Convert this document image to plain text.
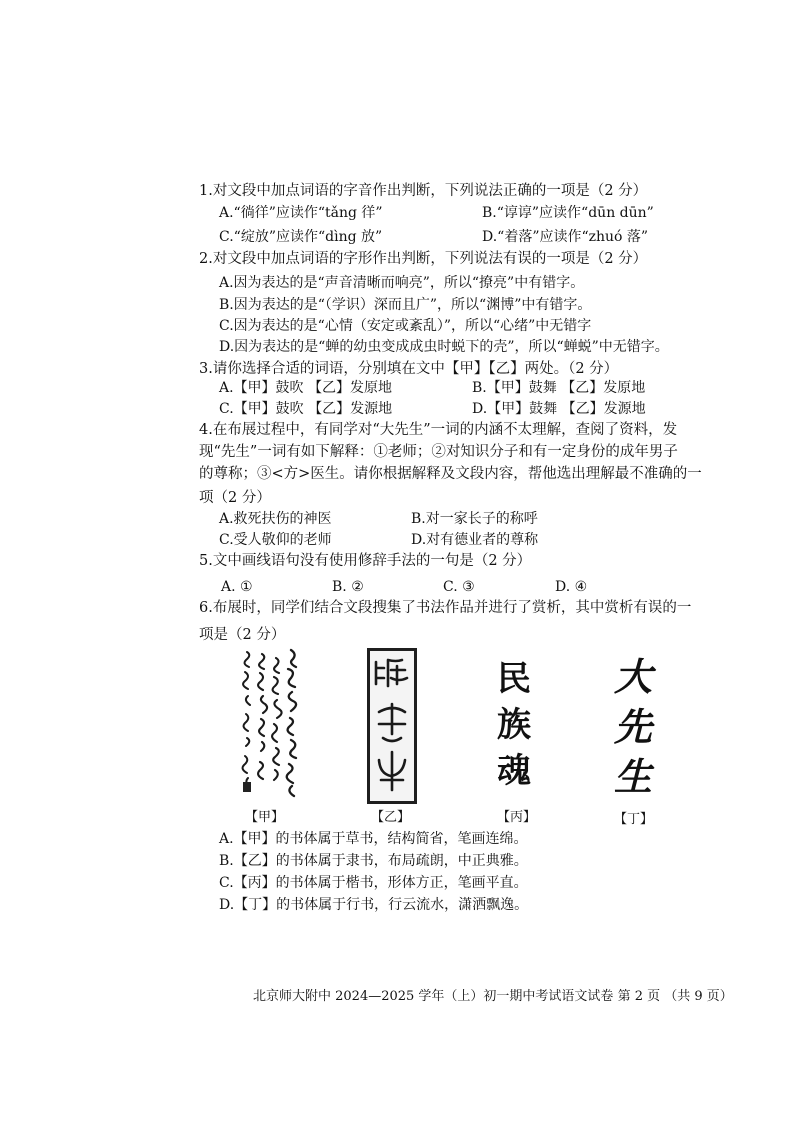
1.对文段中加点词语的字音作出判断，下列说法正确的一项是（2 分）
A.“徜徉”应读作“tǎng 徉”	B.“谆谆”应读作“dūn dūn”
C.“绽放”应读作“dìng 放”	D.“着落”应读作“zhuó 落”
2.对文段中加点词语的字形作出判断，下列说法有误的一项是（2 分）
A.因为表达的是“声音清晰而响亮”，所以“撩亮”中有错字。
B.因为表达的是“（学识）深而且广”，所以“渊博”中有错字。
C.因为表达的是“心情（安定或紊乱）”，所以“心绪”中无错字
D.因为表达的是“蝉的幼虫变成成虫时蜕下的壳”，所以“蝉蜕”中无错字。
3.请你选择合适的词语，分别填在文中【甲】【乙】两处。（2 分）
A.【甲】鼓吹 【乙】发原地	B.【甲】鼓舞 【乙】发原地
C.【甲】鼓吹 【乙】发源地	D.【甲】鼓舞 【乙】发源地
4.在布展过程中，有同学对“大先生”一词的内涵不太理解，查阅了资料，发
现“先生”一词有如下解释：①老师；②对知识分子和有一定身份的成年男子
的尊称；③<方>医生。请你根据解释及文段内容，帮他选出理解最不准确的一
项（2 分）
A.救死扶伤的神医	B.对一家长子的称呼
C.受人敬仰的老师	D.对有德业者的尊称
5.文中画线语句没有使用修辞手法的一句是（2 分）
A. ①	B. ②	C. ③	D. ④
6.布展时，同学们结合文段搜集了书法作品并进行了赏析，其中赏析有误的一
项是（2 分）
民
族
魂
大
先
生
【甲】	【乙】	【丙】	【丁】
A.【甲】的书体属于草书，结构简省，笔画连绵。
B.【乙】的书体属于隶书，布局疏朗，中正典雅。
C.【丙】的书体属于楷书，形体方正，笔画平直。
D.【丁】的书体属于行书，行云流水，潇洒飘逸。
北京师大附中 2024—2025 学年（上）初一期中考试语文试卷 第 2 页 （共 9 页）
